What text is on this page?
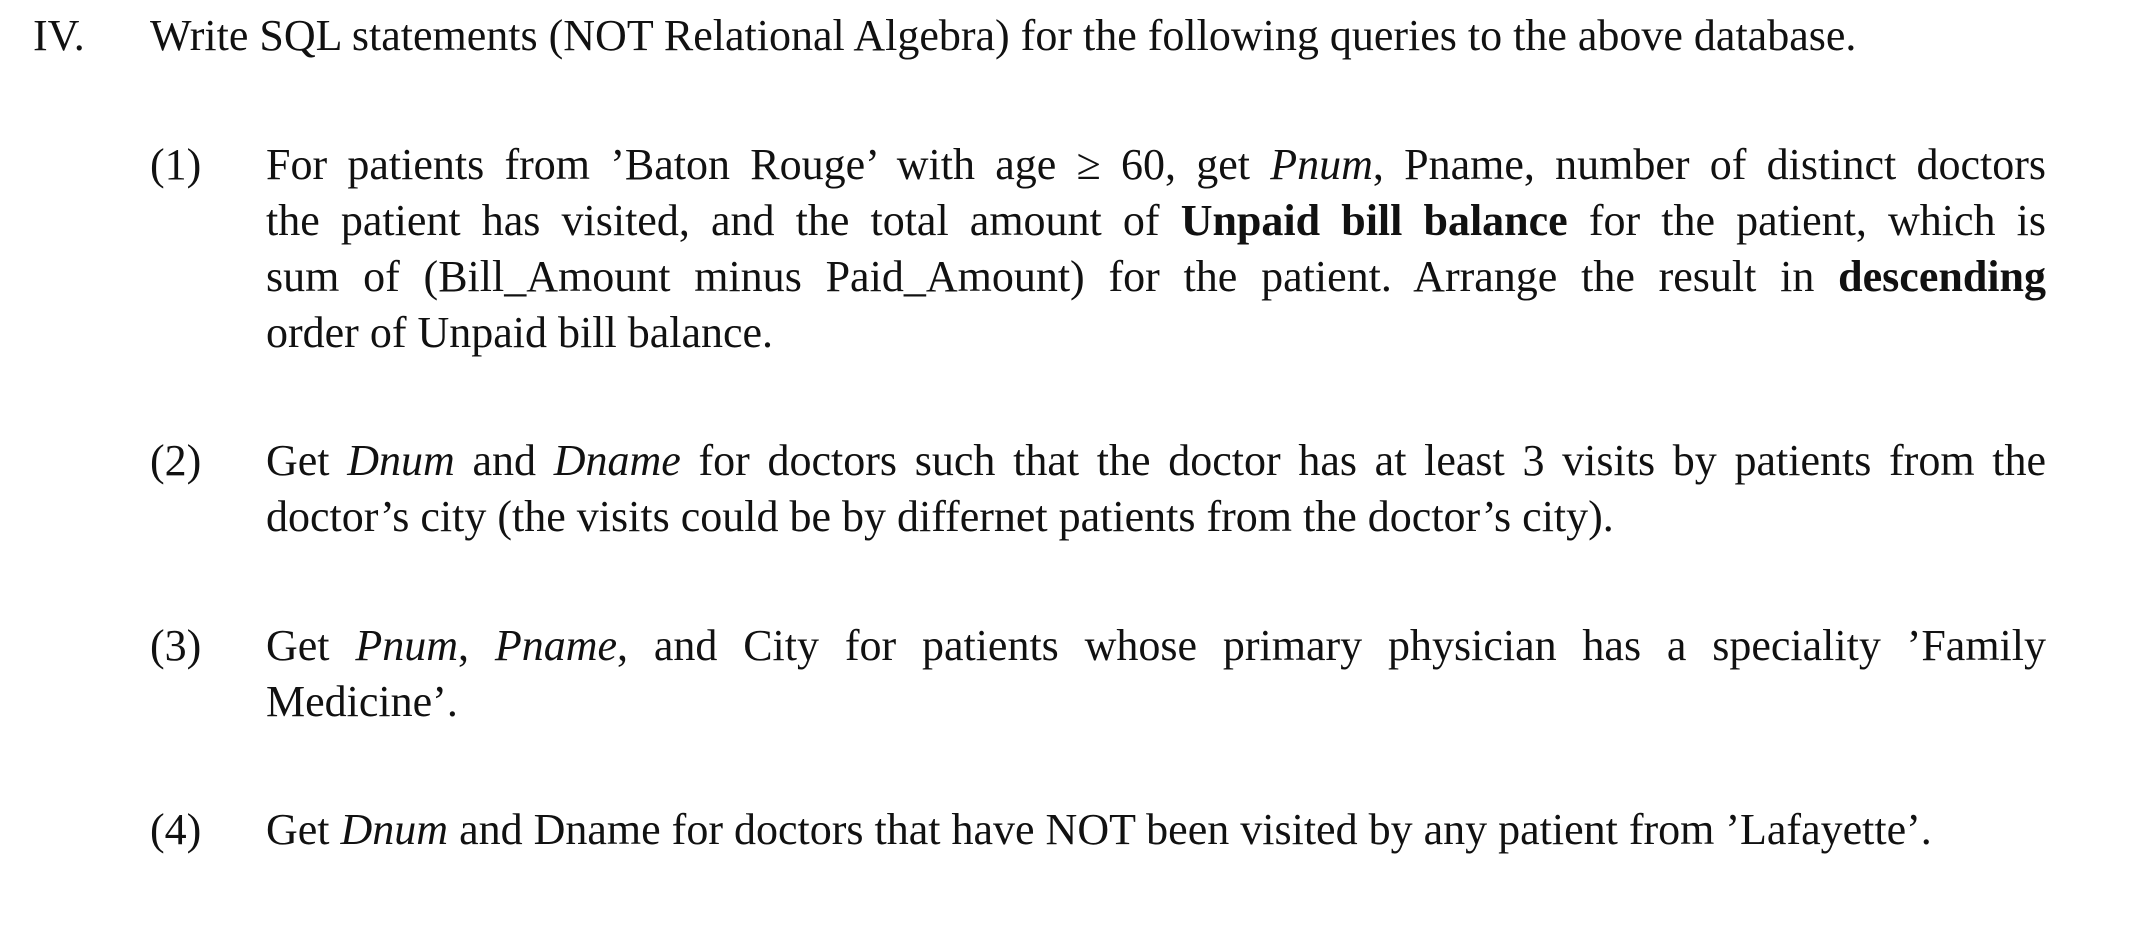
IV. Write SQL statements (NOT Relational Algebra) for the following queries to the above database.
(1) For patients from ’Baton Rouge’ with age ≥ 60, get Pnum, Pname, number of distinct doctors
the patient has visited, and the total amount of Unpaid bill balance for the patient, which is
sum of (Bill_Amount minus Paid_Amount) for the patient. Arrange the result in descending
order of Unpaid bill balance.
(2) Get Dnum and Dname for doctors such that the doctor has at least 3 visits by patients from the
doctor’s city (the visits could be by differnet patients from the doctor’s city).
(3) Get Pnum, Pname, and City for patients whose primary physician has a speciality ’Family
Medicine’.
(4) Get Dnum and Dname for doctors that have NOT been visited by any patient from ’Lafayette’.
